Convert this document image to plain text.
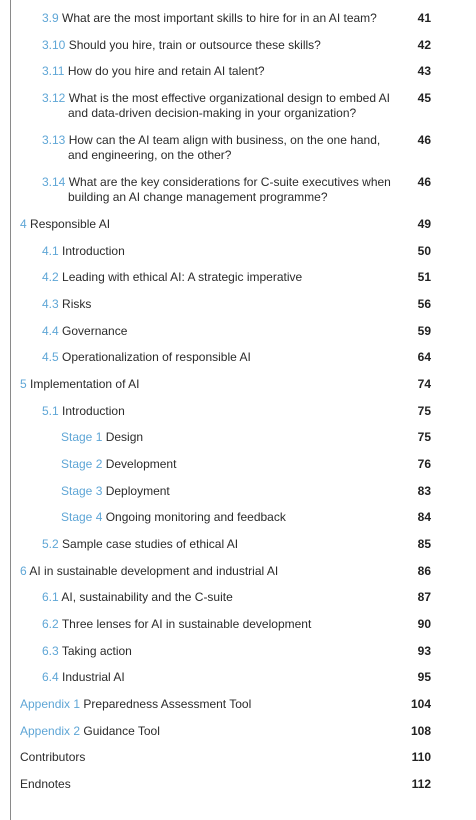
3.9 What are the most important skills to hire for in an AI team?	41
3.10 Should you hire, train or outsource these skills?	42
3.11 How do you hire and retain AI talent?	43
3.12 What is the most effective organizational design to embed AI
and data-driven decision-making in your organization?
45
3.13 How can the AI team align with business, on the one hand,
and engineering, on the other?
46
3.14 What are the key considerations for C-suite executives when
building an AI change management programme?
46
4 Responsible AI	49
4.1 Introduction	50
4.2 Leading with ethical AI: A strategic imperative	51
4.3 Risks	56
4.4 Governance	59
4.5 Operationalization of responsible AI	64
5 Implementation of AI	74
5.1 Introduction	75
Stage 1 Design	75
Stage 2 Development	76
Stage 3 Deployment	83
Stage 4 Ongoing monitoring and feedback	84
5.2 Sample case studies of ethical AI	85
6 AI in sustainable development and industrial AI	86
6.1 AI, sustainability and the C-suite	87
6.2 Three lenses for AI in sustainable development	90
6.3 Taking action	93
6.4 Industrial AI	95
Appendix 1 Preparedness Assessment Tool	104
Appendix 2 Guidance Tool	108
Contributors	110
Endnotes	112
